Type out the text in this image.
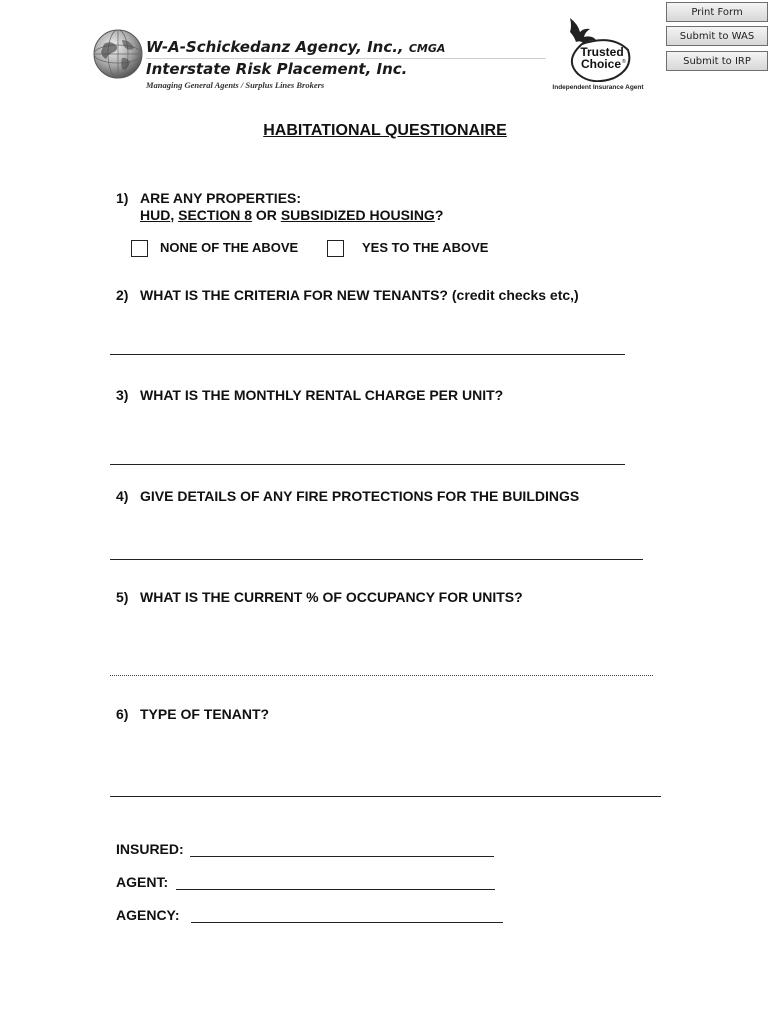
Print Form
Submit to WAS
Submit to IRP
W-A-Schickedanz Agency, Inc., CMGA
Interstate Risk Placement, Inc.
Managing General Agents / Surplus Lines Brokers
Trusted
Choice ®
Independent Insurance Agent
HABITATIONAL QUESTIONAIRE
1) ARE ANY PROPERTIES:
HUD, SECTION 8 OR SUBSIDIZED HOUSING?
NONE OF THE ABOVE	YES TO THE ABOVE
2) WHAT IS THE CRITERIA FOR NEW TENANTS? (credit checks etc,)
3) WHAT IS THE MONTHLY RENTAL CHARGE PER UNIT?
4) GIVE DETAILS OF ANY FIRE PROTECTIONS FOR THE BUILDINGS
5) WHAT IS THE CURRENT % OF OCCUPANCY FOR UNITS?
6) TYPE OF TENANT?
INSURED:
AGENT:
AGENCY:
